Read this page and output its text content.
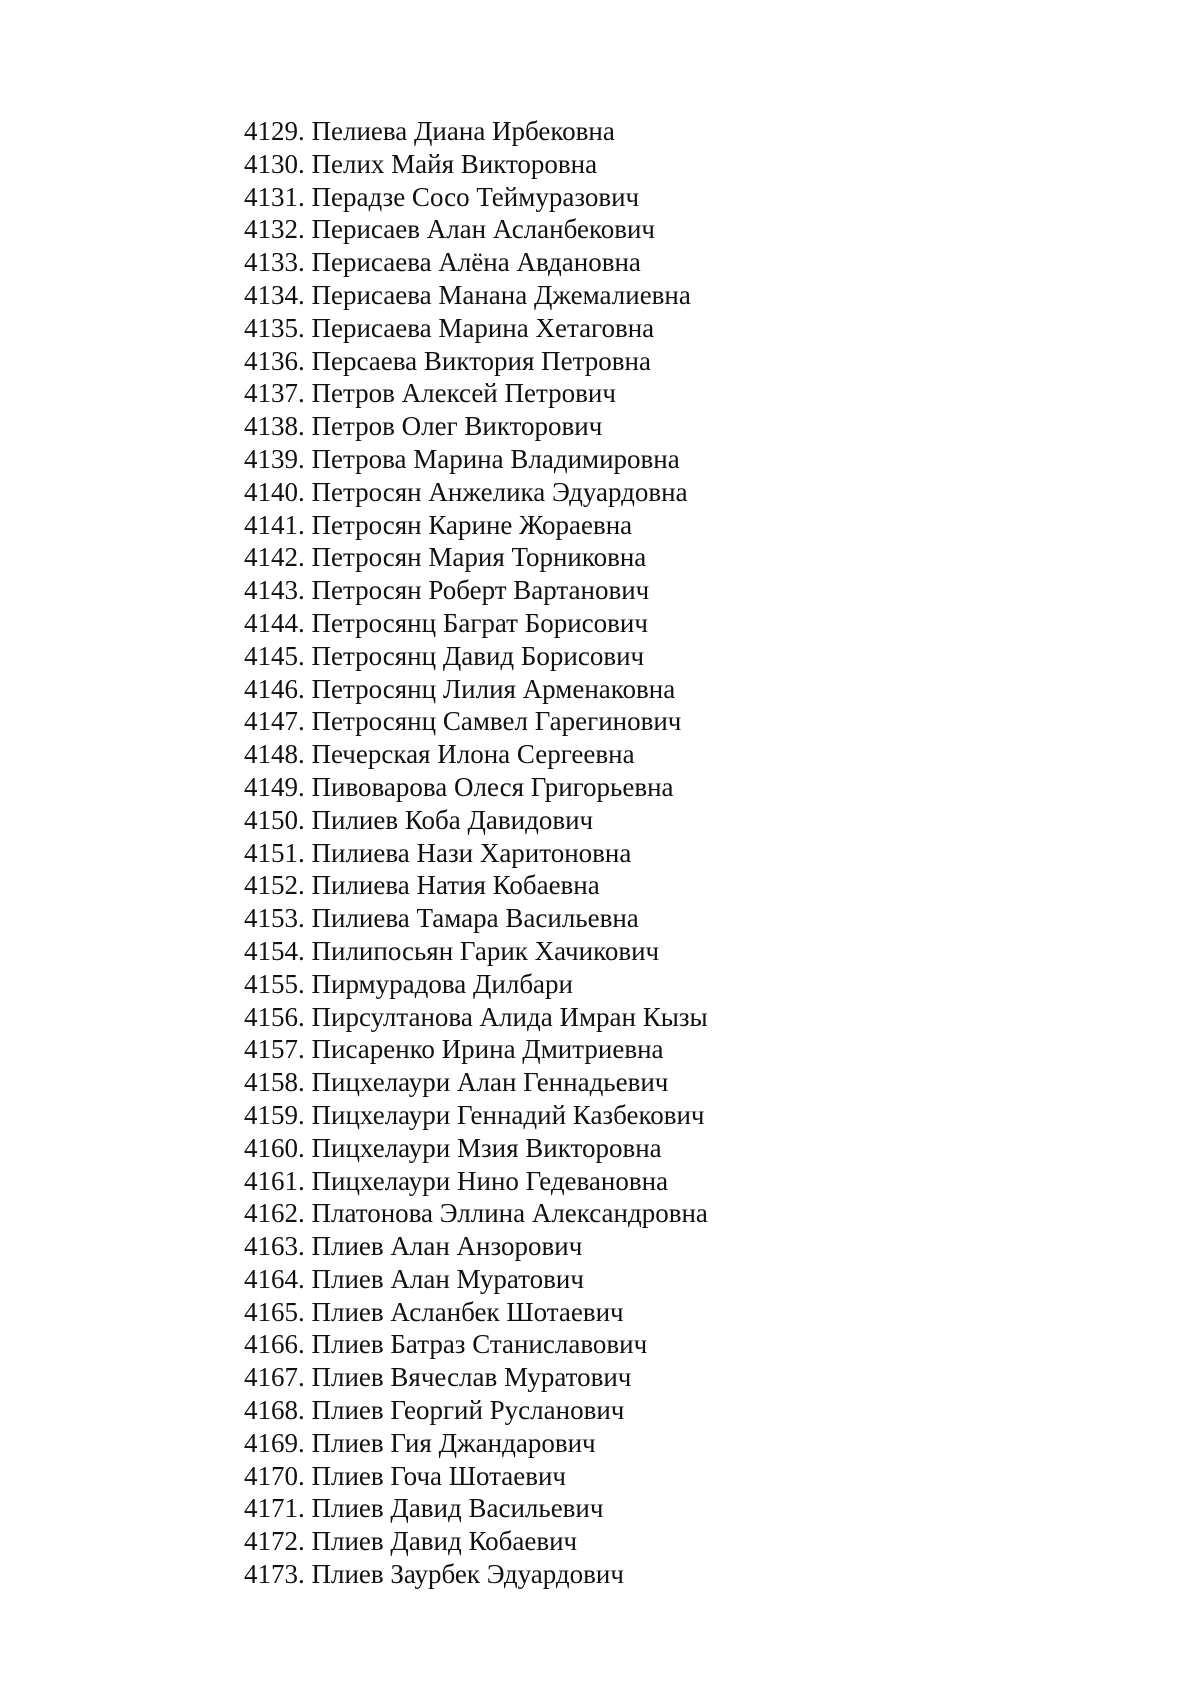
4129. Пелиева Диана Ирбековна
4130. Пелих Майя Викторовна
4131. Перадзе Сосо Теймуразович
4132. Перисаев Алан Асланбекович
4133. Перисаева Алёна Авдановна
4134. Перисаева Манана Джемалиевна
4135. Перисаева Марина Хетаговна
4136. Персаева Виктория Петровна
4137. Петров Алексей Петрович
4138. Петров Олег Викторович
4139. Петрова Марина Владимировна
4140. Петросян Анжелика Эдуардовна
4141. Петросян Карине Жораевна
4142. Петросян Мария Торниковна
4143. Петросян Роберт Вартанович
4144. Петросянц Баграт Борисович
4145. Петросянц Давид Борисович
4146. Петросянц Лилия Арменаковна
4147. Петросянц Самвел Гарегинович
4148. Печерская Илона Сергеевна
4149. Пивоварова Олеся Григорьевна
4150. Пилиев Коба Давидович
4151. Пилиева Нази Харитоновна
4152. Пилиева Натия Кобаевна
4153. Пилиева Тамара Васильевна
4154. Пилипосьян Гарик Хачикович
4155. Пирмурадова Дилбари
4156. Пирсултанова Алида Имран Кызы
4157. Писаренко Ирина Дмитриевна
4158. Пицхелаури Алан Геннадьевич
4159. Пицхелаури Геннадий Казбекович
4160. Пицхелаури Мзия Викторовна
4161. Пицхелаури Нино Гедевановна
4162. Платонова Эллина Александровна
4163. Плиев Алан Анзорович
4164. Плиев Алан Муратович
4165. Плиев Асланбек Шотаевич
4166. Плиев Батраз Станиславович
4167. Плиев Вячеслав Муратович
4168. Плиев Георгий Русланович
4169. Плиев Гия Джандарович
4170. Плиев Гоча Шотаевич
4171. Плиев Давид Васильевич
4172. Плиев Давид Кобаевич
4173. Плиев Заурбек Эдуардович
